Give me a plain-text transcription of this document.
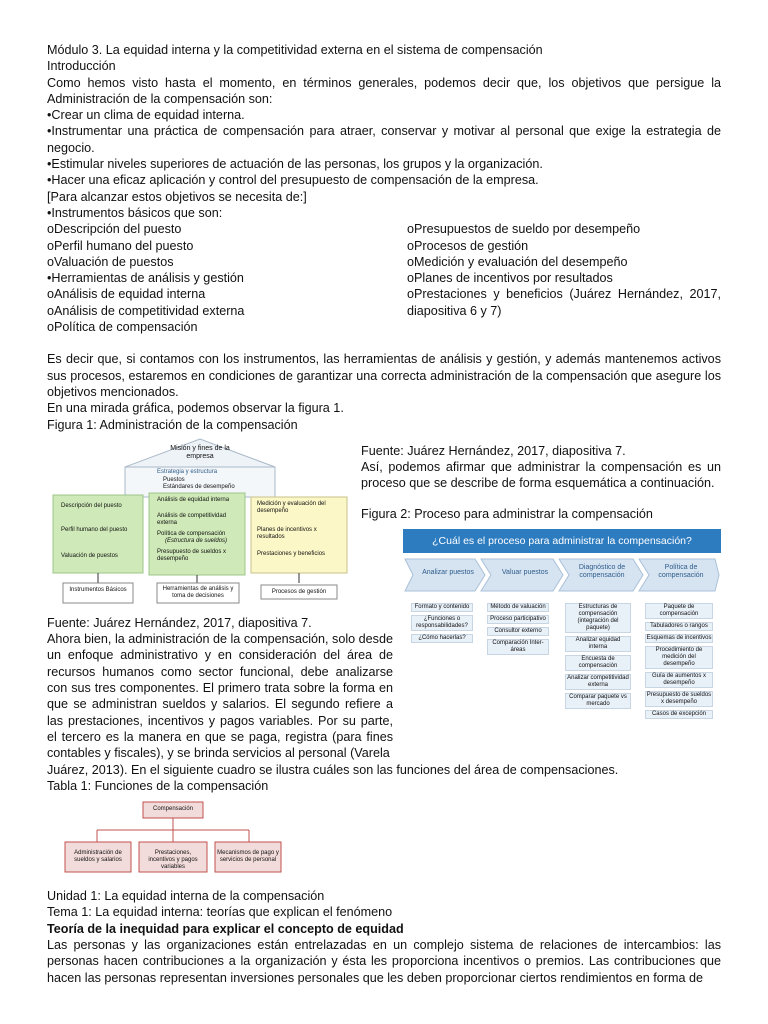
Módulo 3. La equidad interna y la competitividad externa en el sistema de compensación

Introducción

Como hemos visto hasta el momento, en términos generales, podemos decir que, los objetivos que persigue la Administración de la compensación son:

•Crear un clima de equidad interna.
•Instrumentar una práctica de compensación para atraer, conservar y motivar al personal que exige la estrategia de negocio.
•Estimular niveles superiores de actuación de las personas, los grupos y la organización.
•Hacer una eficaz aplicación y control del presupuesto de compensación de la empresa.

[Para alcanzar estos objetivos se necesita de:]

•Instrumentos básicos que son:
oDescripción del puesto
oPerfil humano del puesto
oValuación de puestos
•Herramientas de análisis y gestión
oAnálisis de equidad interna
oAnálisis de competitividad externa
oPolítica de compensación
oPresupuestos de sueldo por desempeño
oProcesos de gestión
oMedición y evaluación del desempeño
oPlanes de incentivos por resultados
oPrestaciones y beneficios (Juárez Hernández, 2017, diapositiva 6 y 7)

Es decir que, si contamos con los instrumentos, las herramientas de análisis y gestión, y además mantenemos activos sus procesos, estaremos en condiciones de garantizar una correcta administración de la compensación que asegure los objetivos mencionados.

En una mirada gráfica, podemos observar la figura 1.

Figura 1: Administración de la compensación

Misión y fines de la empresa
Estrategia y estructura
Puestos
Estándares de desempeño
Descripción del puesto
Perfil humano del puesto
Valuación de puestos
Análisis de equidad interna
Análisis de competitividad externa
Política de compensación
(Estructura de sueldos)
Presupuesto de sueldos x desempeño
Medición y evaluación del desempeño
Planes de incentivos x resultados
Prestaciones y beneficios
Instrumentos Básicos	Herramientas de análisis y toma de decisiones
Procesos de gestión

Fuente: Juárez Hernández, 2017, diapositiva 7.

Así, podemos afirmar que administrar la compensación es un proceso que se describe de forma esquemática a continuación.

Figura 2: Proceso para administrar la compensación

Fuente: Juárez Hernández, 2017, diapositiva 7.

Ahora bien, la administración de la compensación, solo desde un enfoque administrativo y en consideración del área de recursos humanos como sector funcional, debe analizarse con sus tres componentes. El primero trata sobre la forma en que se administran sueldos y salarios. El segundo refiere a las prestaciones, incentivos y pagos variables. Por su parte, el tercero es la manera en que se paga, registra (para fines contables y fiscales), y se brinda servicios al personal (Varela

¿Cuál es el proceso para administrar la compensación?
Analizar puestos	Valuar puestos
Diagnóstico de compensación
Política de compensación
Formato y contenido
¿Funciones o responsabilidades?
¿Cómo hacerlas?
Método de valuación
Proceso participativo
Consultor externo
Comparación Inter-áreas
Estructuras de compensación (integración del paquete)
Analizar equidad interna
Encuesta de compensación
Analizar competitividad externa
Comparar paquete vs mercado
Paquete de compensación
Tabuladores o rangos
Esquemas de incentivos
Procedimiento de medición del desempeño
Guía de aumentos x desempeño
Presupuesto de sueldos x desempeño
Casos de excepción

Juárez, 2013). En el siguiente cuadro se ilustra cuáles son las funciones del área de compensaciones.

Tabla 1: Funciones de la compensación

Compensación
Administración de sueldos y salarios
Prestaciones, incentivos y pagos variables
Mecanismos de pago y servicios de personal

Unidad 1: La equidad interna de la compensación

Tema 1: La equidad interna: teorías que explican el fenómeno

Teoría de la inequidad para explicar el concepto de equidad

Las personas y las organizaciones están entrelazadas en un complejo sistema de relaciones de intercambios: las personas hacen contribuciones a la organización y ésta les proporciona incentivos o premios. Las contribuciones que hacen las personas representan inversiones personales que les deben proporcionar ciertos rendimientos en forma de
